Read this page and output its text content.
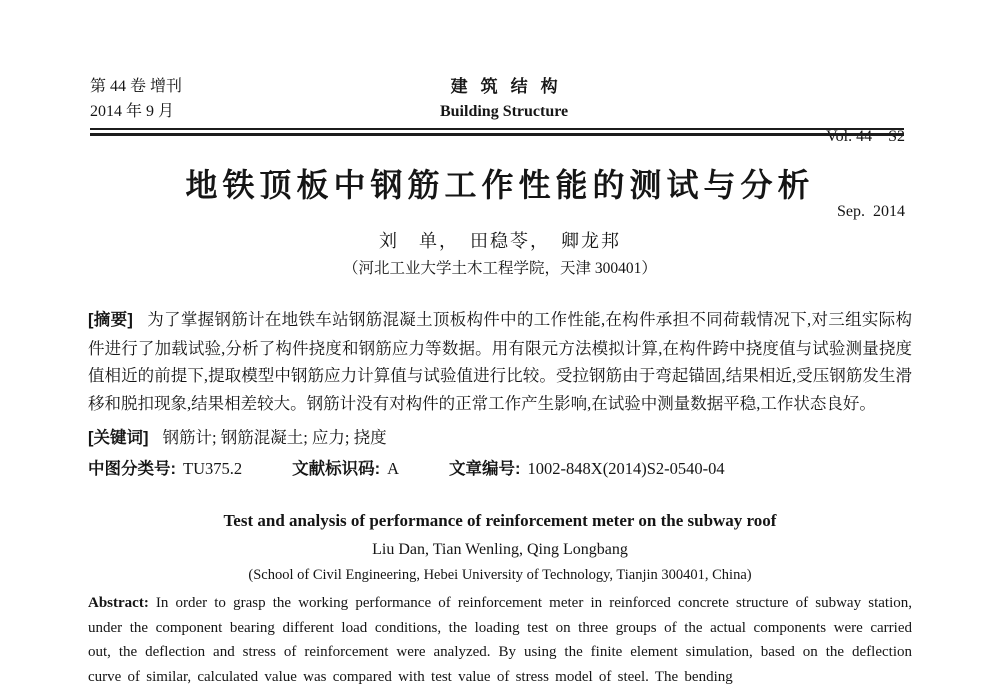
第 44 卷 增刊
2014 年 9 月
建筑结构
Building Structure

Vol. 44    S2

Sep.  2014

地铁顶板中钢筋工作性能的测试与分析
刘　单，　田稳苓，　卿龙邦
（河北工业大学土木工程学院，天津 300401）

[摘要] 为了掌握钢筋计在地铁车站钢筋混凝土顶板构件中的工作性能,在构件承担不同荷载情况下,对三组实际构件进行了加载试验,分析了构件挠度和钢筋应力等数据。用有限元方法模拟计算,在构件跨中挠度值与试验测量挠度值相近的前提下,提取模型中钢筋应力计算值与试验值进行比较。受拉钢筋由于弯起锚固,结果相近,受压钢筋发生滑移和脱扣现象,结果相差较大。钢筋计没有对构件的正常工作产生影响,在试验中测量数据平稳,工作状态良好。

[关键词] 钢筋计; 钢筋混凝土; 应力; 挠度

中图分类号: TU375.2	文献标识码: A	文章编号: 1002-848X(2014)S2-0540-04

Test and analysis of performance of reinforcement meter on the subway roof
Liu Dan, Tian Wenling, Qing Longbang
(School of Civil Engineering, Hebei University of Technology, Tianjin 300401, China)

Abstract: In order to grasp the working performance of reinforcement meter in reinforced concrete structure of subway station, under the component bearing different load conditions, the loading test on three groups of the actual components were carried out, the deflection and stress of reinforcement were analyzed. By using the finite element simulation, based on the deflection curve of similar, calculated value was compared with test value of stress model of steel. The bending
